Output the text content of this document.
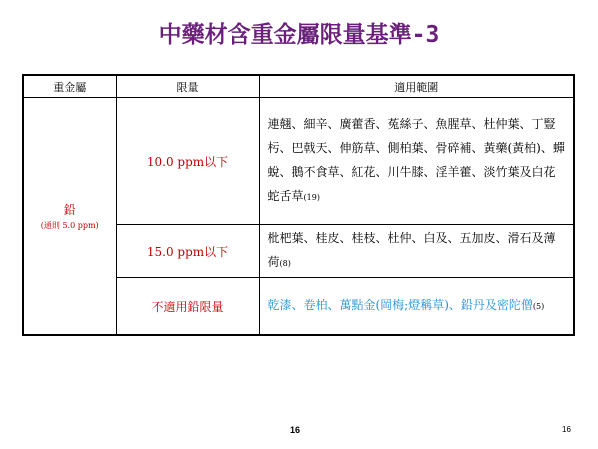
中藥材含重金屬限量基準-3
重金屬	限量	適用範圍

鉛
(通則 5.0 ppm)	10.0 ppm以下	連翹、細辛、廣藿香、菟絲子、魚腥草、杜仲葉、丁豎杇、巴戟天、伸筋草、側柏葉、骨碎補、黃藥(黃柏)、蟬蛻、鵝不食草、紅花、川牛膝、淫羊藿、淡竹葉及白花蛇舌草(19)
	15.0 ppm以下	枇杷葉、桂皮、桂枝、杜仲、白及、五加皮、滑石及薄荷(8)
	不適用鉛限量	乾漆、卷柏、萬點金(岡梅;燈稱草)、鉛丹及密陀僧(5)
16	16
